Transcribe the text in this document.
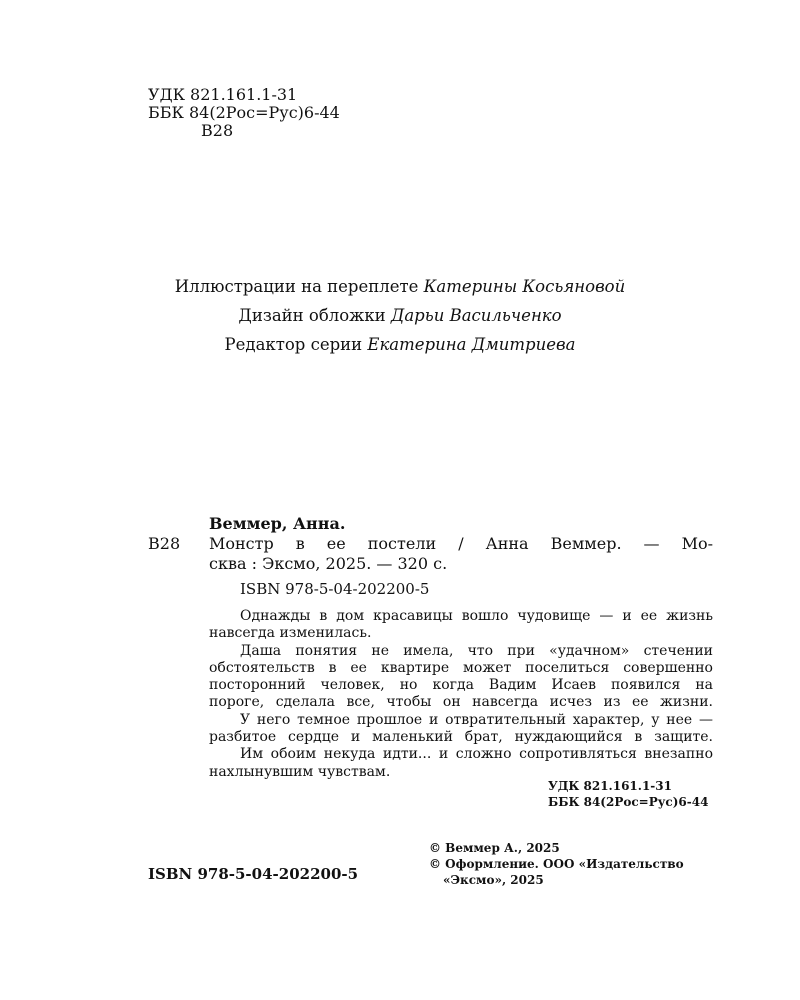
УДК 821.161.1-31
ББК 84(2Рос=Рус)6-44
В28
Иллюстрации на переплете Катерины Косьяновой
Дизайн обложки Дарьи Васильченко
Редактор серии Екатерина Дмитриева
Веммер, Анна.
В28 Монстр в ее постели / Анна Веммер. — Мо-
сква : Эксмо, 2025. — 320 с.
ISBN 978-5-04-202200-5
Однажды в дом красавицы вошло чудовище — и ее жизнь
навсегда изменилась.
Даша понятия не имела, что при «удачном» стечении
обстоятельств в ее квартире может поселиться совершенно
посторонний человек, но когда Вадим Исаев появился на
пороге, сделала все, чтобы он навсегда исчез из ее жизни.
У него темное прошлое и отвратительный характер, у нее —
разбитое сердце и маленький брат, нуждающийся в защите.
Им обоим некуда идти... и сложно сопротивляться внезапно
нахлынувшим чувствам.
УДК 821.161.1-31
ББК 84(2Рос=Рус)6-44
© Веммер А., 2025
© Оформление. ООО «Издательство
«Эксмо», 2025
ISBN 978-5-04-202200-5
